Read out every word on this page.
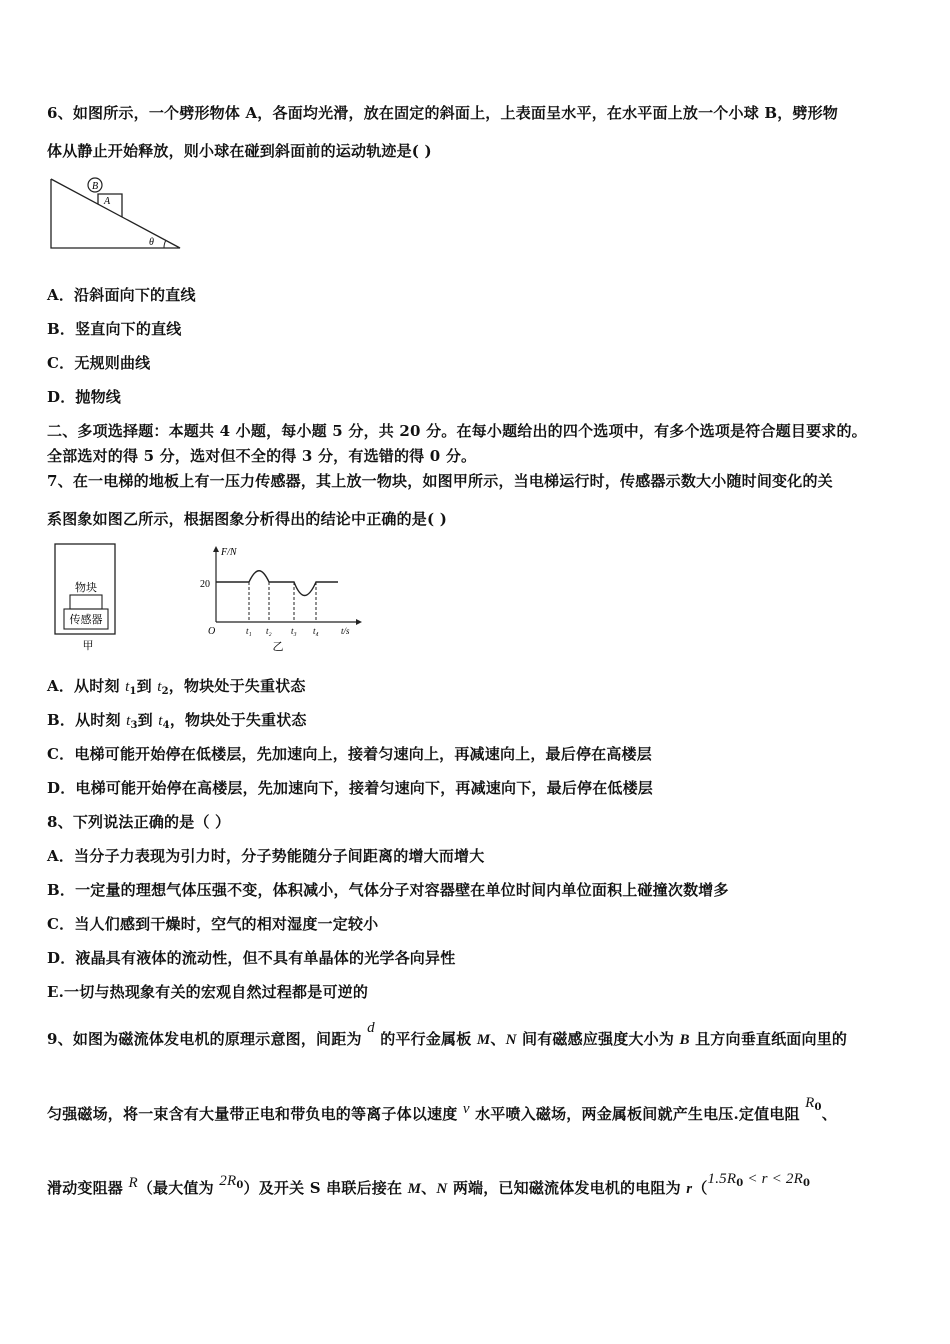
6、如图所示，一个劈形物体 A，各面均光滑，放在固定的斜面上，上表面呈水平，在水平面上放一个小球 B，劈形物
体从静止开始释放，则小球在碰到斜面前的运动轨迹是( )
B
A
θ
A．沿斜面向下的直线
B．竖直向下的直线
C．无规则曲线
D．抛物线
二、多项选择题：本题共 4 小题，每小题 5 分，共 20 分。在每小题给出的四个选项中，有多个选项是符合题目要求的。
全部选对的得 5 分，选对但不全的得 3 分，有选错的得 0 分。
7、在一电梯的地板上有一压力传感器，其上放一物块，如图甲所示，当电梯运行时，传感器示数大小随时间变化的关
系图象如图乙所示，根据图象分析得出的结论中正确的是( )
物块
传感器
甲
F/N
20
O	t₁ t₂ t₃ t₄ t/s
乙
A．从时刻 $t_1$到 $t_2$，物块处于失重状态
B．从时刻 $t_3$到 $t_4$，物块处于失重状态
C．电梯可能开始停在低楼层，先加速向上，接着匀速向上，再减速向上，最后停在高楼层
D．电梯可能开始停在高楼层，先加速向下，接着匀速向下，再减速向下，最后停在低楼层
8、下列说法正确的是（ ）
A．当分子力表现为引力时，分子势能随分子间距离的增大而增大
B．一定量的理想气体压强不变，体积减小，气体分子对容器壁在单位时间内单位面积上碰撞次数增多
C．当人们感到干燥时，空气的相对湿度一定较小
D．液晶具有液体的流动性，但不具有单晶体的光学各向异性
E.一切与热现象有关的宏观自然过程都是可逆的
9、如图为磁流体发电机的原理示意图，间距为 d 的平行金属板 M、N 间有磁感应强度大小为 B 且方向垂直纸面向里的
匀强磁场，将一束含有大量带正电和带负电的等离子体以速度 v 水平喷入磁场，两金属板间就产生电压.定值电阻 $R_0$、
滑动变阻器 R（最大值为 $2R_0$）及开关 S 串联后接在 M、N 两端，已知磁流体发电机的电阻为 $r(1.5R_0 < r < 2R_0$
